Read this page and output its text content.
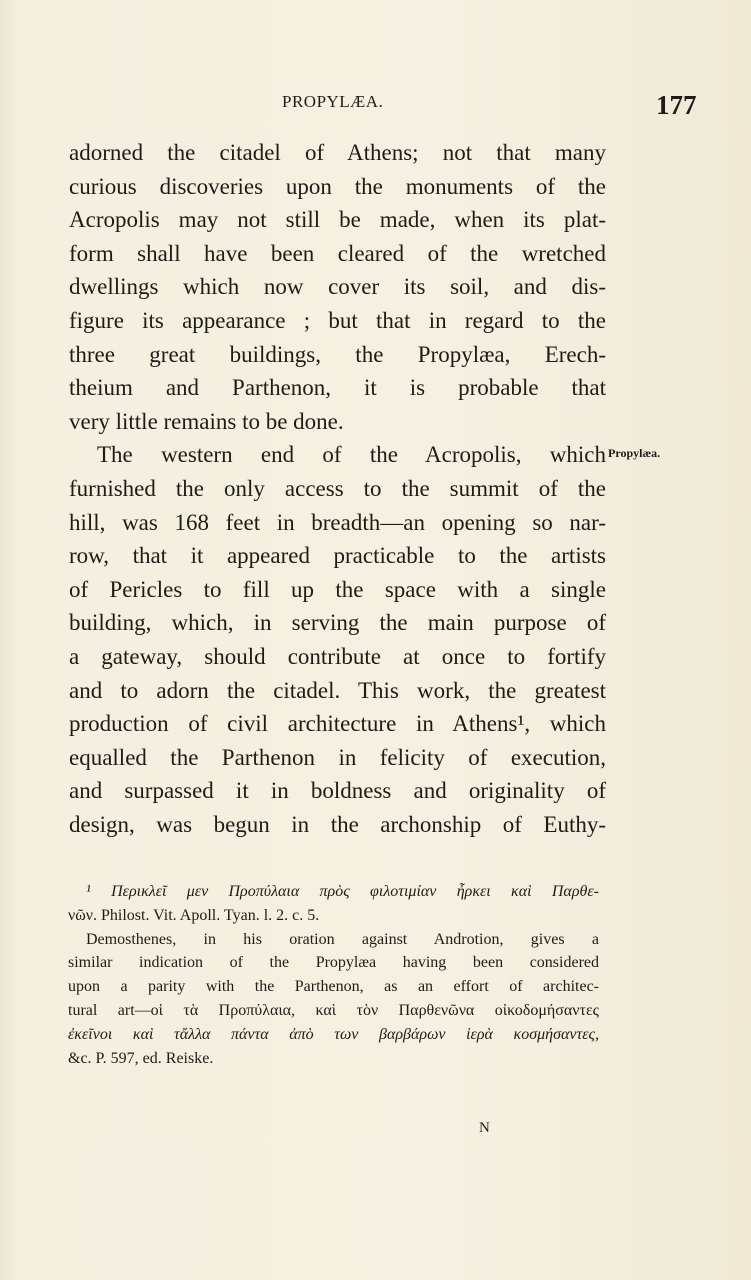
PROPYLÆA.	177
adorned the citadel of Athens; not that many
curious discoveries upon the monuments of the
Acropolis may not still be made, when its plat-
form shall have been cleared of the wretched
dwellings which now cover its soil, and dis-
figure its appearance ; but that in regard to the
three great buildings, the Propylæa, Erech-
theium and Parthenon, it is probable that
very little remains to be done.
The western end of the Acropolis, which
furnished the only access to the summit of the
hill, was 168 feet in breadth—an opening so nar-
row, that it appeared practicable to the artists
of Pericles to fill up the space with a single
building, which, in serving the main purpose of
a gateway, should contribute at once to fortify
and to adorn the citadel. This work, the greatest
production of civil architecture in Athens¹, which
equalled the Parthenon in felicity of execution,
and surpassed it in boldness and originality of
design, was begun in the archonship of Euthy-
Propylæa.
¹ Περικλεῖ μεν Προπύλαια πρὸς φιλοτιμίαν ἦρκει καὶ Παρθε-
νῶν. Philost. Vit. Apoll. Tyan. l. 2. c. 5.
Demosthenes, in his oration against Androtion, gives a
similar indication of the Propylæa having been considered
upon a parity with the Parthenon, as an effort of architec-
tural art—οἱ τὰ Προπύλαια, καὶ τὸν Παρθενῶνα οἰκοδομήσαντες
ἐκεῖνοι καὶ τἄλλα πάντα ἀπὸ των βαρβάρων ἱερὰ κοσμήσαντες,
&c. P. 597, ed. Reiske.
N
